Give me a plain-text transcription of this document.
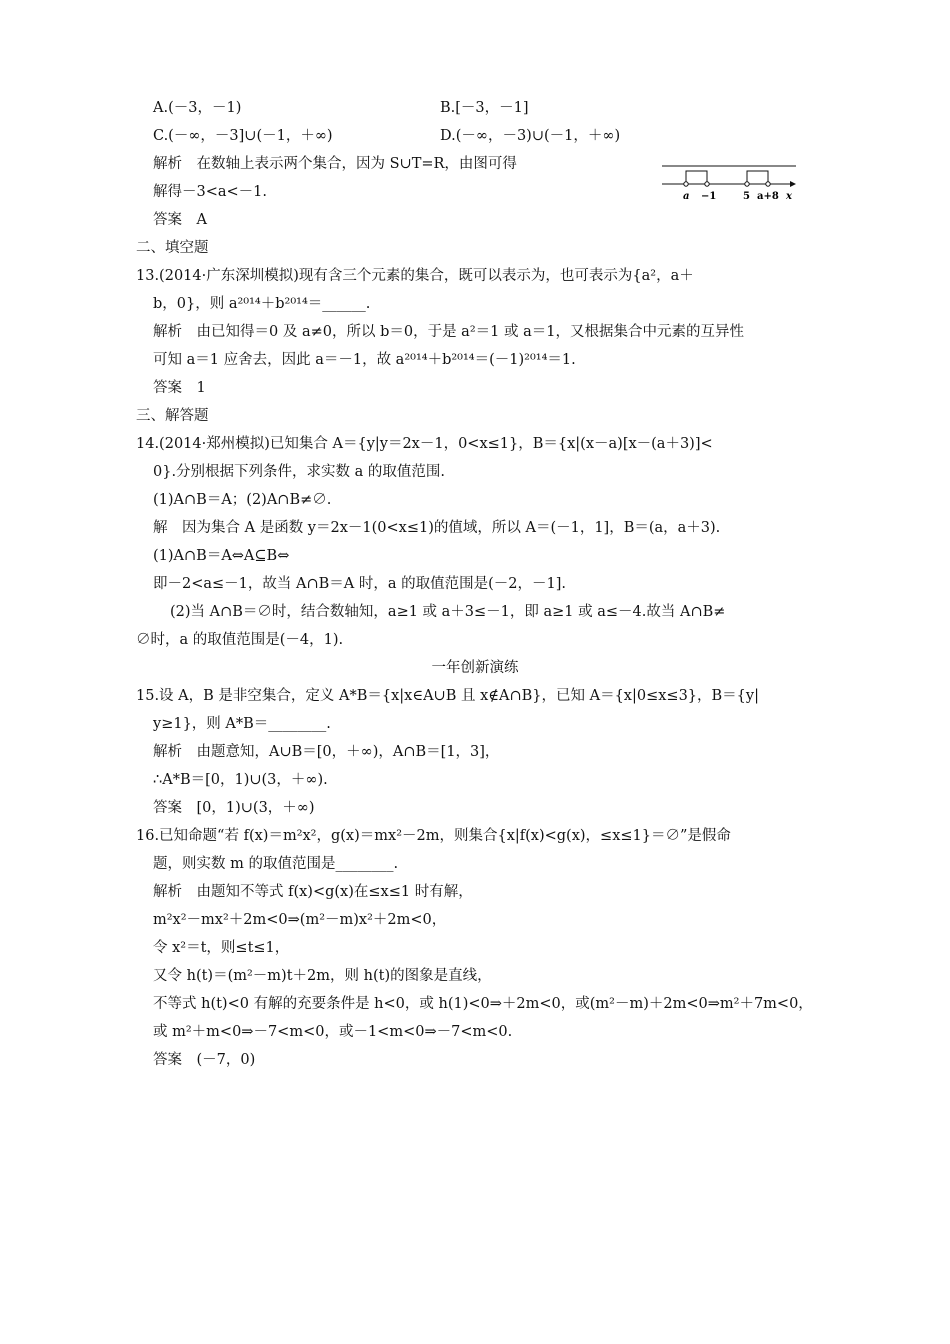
A.(－3，－1)	B.[－3，－1]
C.(－∞，－3]∪(－1，＋∞)	D.(－∞，－3)∪(－1，＋∞)
解析　在数轴上表示两个集合，因为 S∪T=R，由图可得
解得－3<a<－1.
答案　A
二、填空题
13.(2014·广东深圳模拟)现有含三个元素的集合，既可以表示为，也可表示为{a²，a＋
b，0}，则 a²⁰¹⁴＋b²⁰¹⁴＝______.
解析　由已知得＝0 及 a≠0，所以 b＝0，于是 a²＝1 或 a＝1，又根据集合中元素的互异性
可知 a＝1 应舍去，因此 a＝－1，故 a²⁰¹⁴＋b²⁰¹⁴＝(－1)²⁰¹⁴＝1.
答案　1
三、解答题
14.(2014·郑州模拟)已知集合 A＝{y|y＝2x－1，0<x≤1}，B＝{x|(x－a)[x－(a＋3)]<
0}.分别根据下列条件，求实数 a 的取值范围.
(1)A∩B＝A；(2)A∩B≠∅.
解　因为集合 A 是函数 y＝2x－1(0<x≤1)的值域，所以 A＝(－1，1]，B＝(a，a＋3).
(1)A∩B＝A⇔A⊆B⇔
即－2<a≤－1，故当 A∩B＝A 时，a 的取值范围是(－2，－1].
(2)当 A∩B＝∅时，结合数轴知，a≥1 或 a＋3≤－1，即 a≥1 或 a≤－4.故当 A∩B≠
∅时，a 的取值范围是(－4，1).
15.设 A，B 是非空集合，定义 A*B＝{x|x∈A∪B 且 x∉A∩B}，已知 A＝{x|0≤x≤3}，B＝{y|
y≥1}，则 A*B＝________.
解析　由题意知，A∪B＝[0，＋∞)，A∩B＝[1，3]，
∴A*B＝[0，1)∪(3，＋∞).
答案　[0，1)∪(3，＋∞)
16.已知命题“若 f(x)＝m²x²，g(x)＝mx²－2m，则集合{x|f(x)<g(x)，≤x≤1}＝∅”是假命
题，则实数 m 的取值范围是________.
解析　由题知不等式 f(x)<g(x)在≤x≤1 时有解，
m²x²－mx²＋2m<0⇒(m²－m)x²＋2m<0，
令 x²＝t，则≤t≤1，
又令 h(t)＝(m²－m)t＋2m，则 h(t)的图象是直线，
不等式 h(t)<0 有解的充要条件是 h<0，或 h(1)<0⇒＋2m<0，或(m²－m)＋2m<0⇒m²＋7m<0，
或 m²＋m<0⇒－7<m<0，或－1<m<0⇒－7<m<0.
答案　(－7，0)
一年创新演练
a −1	5 a+8 x
